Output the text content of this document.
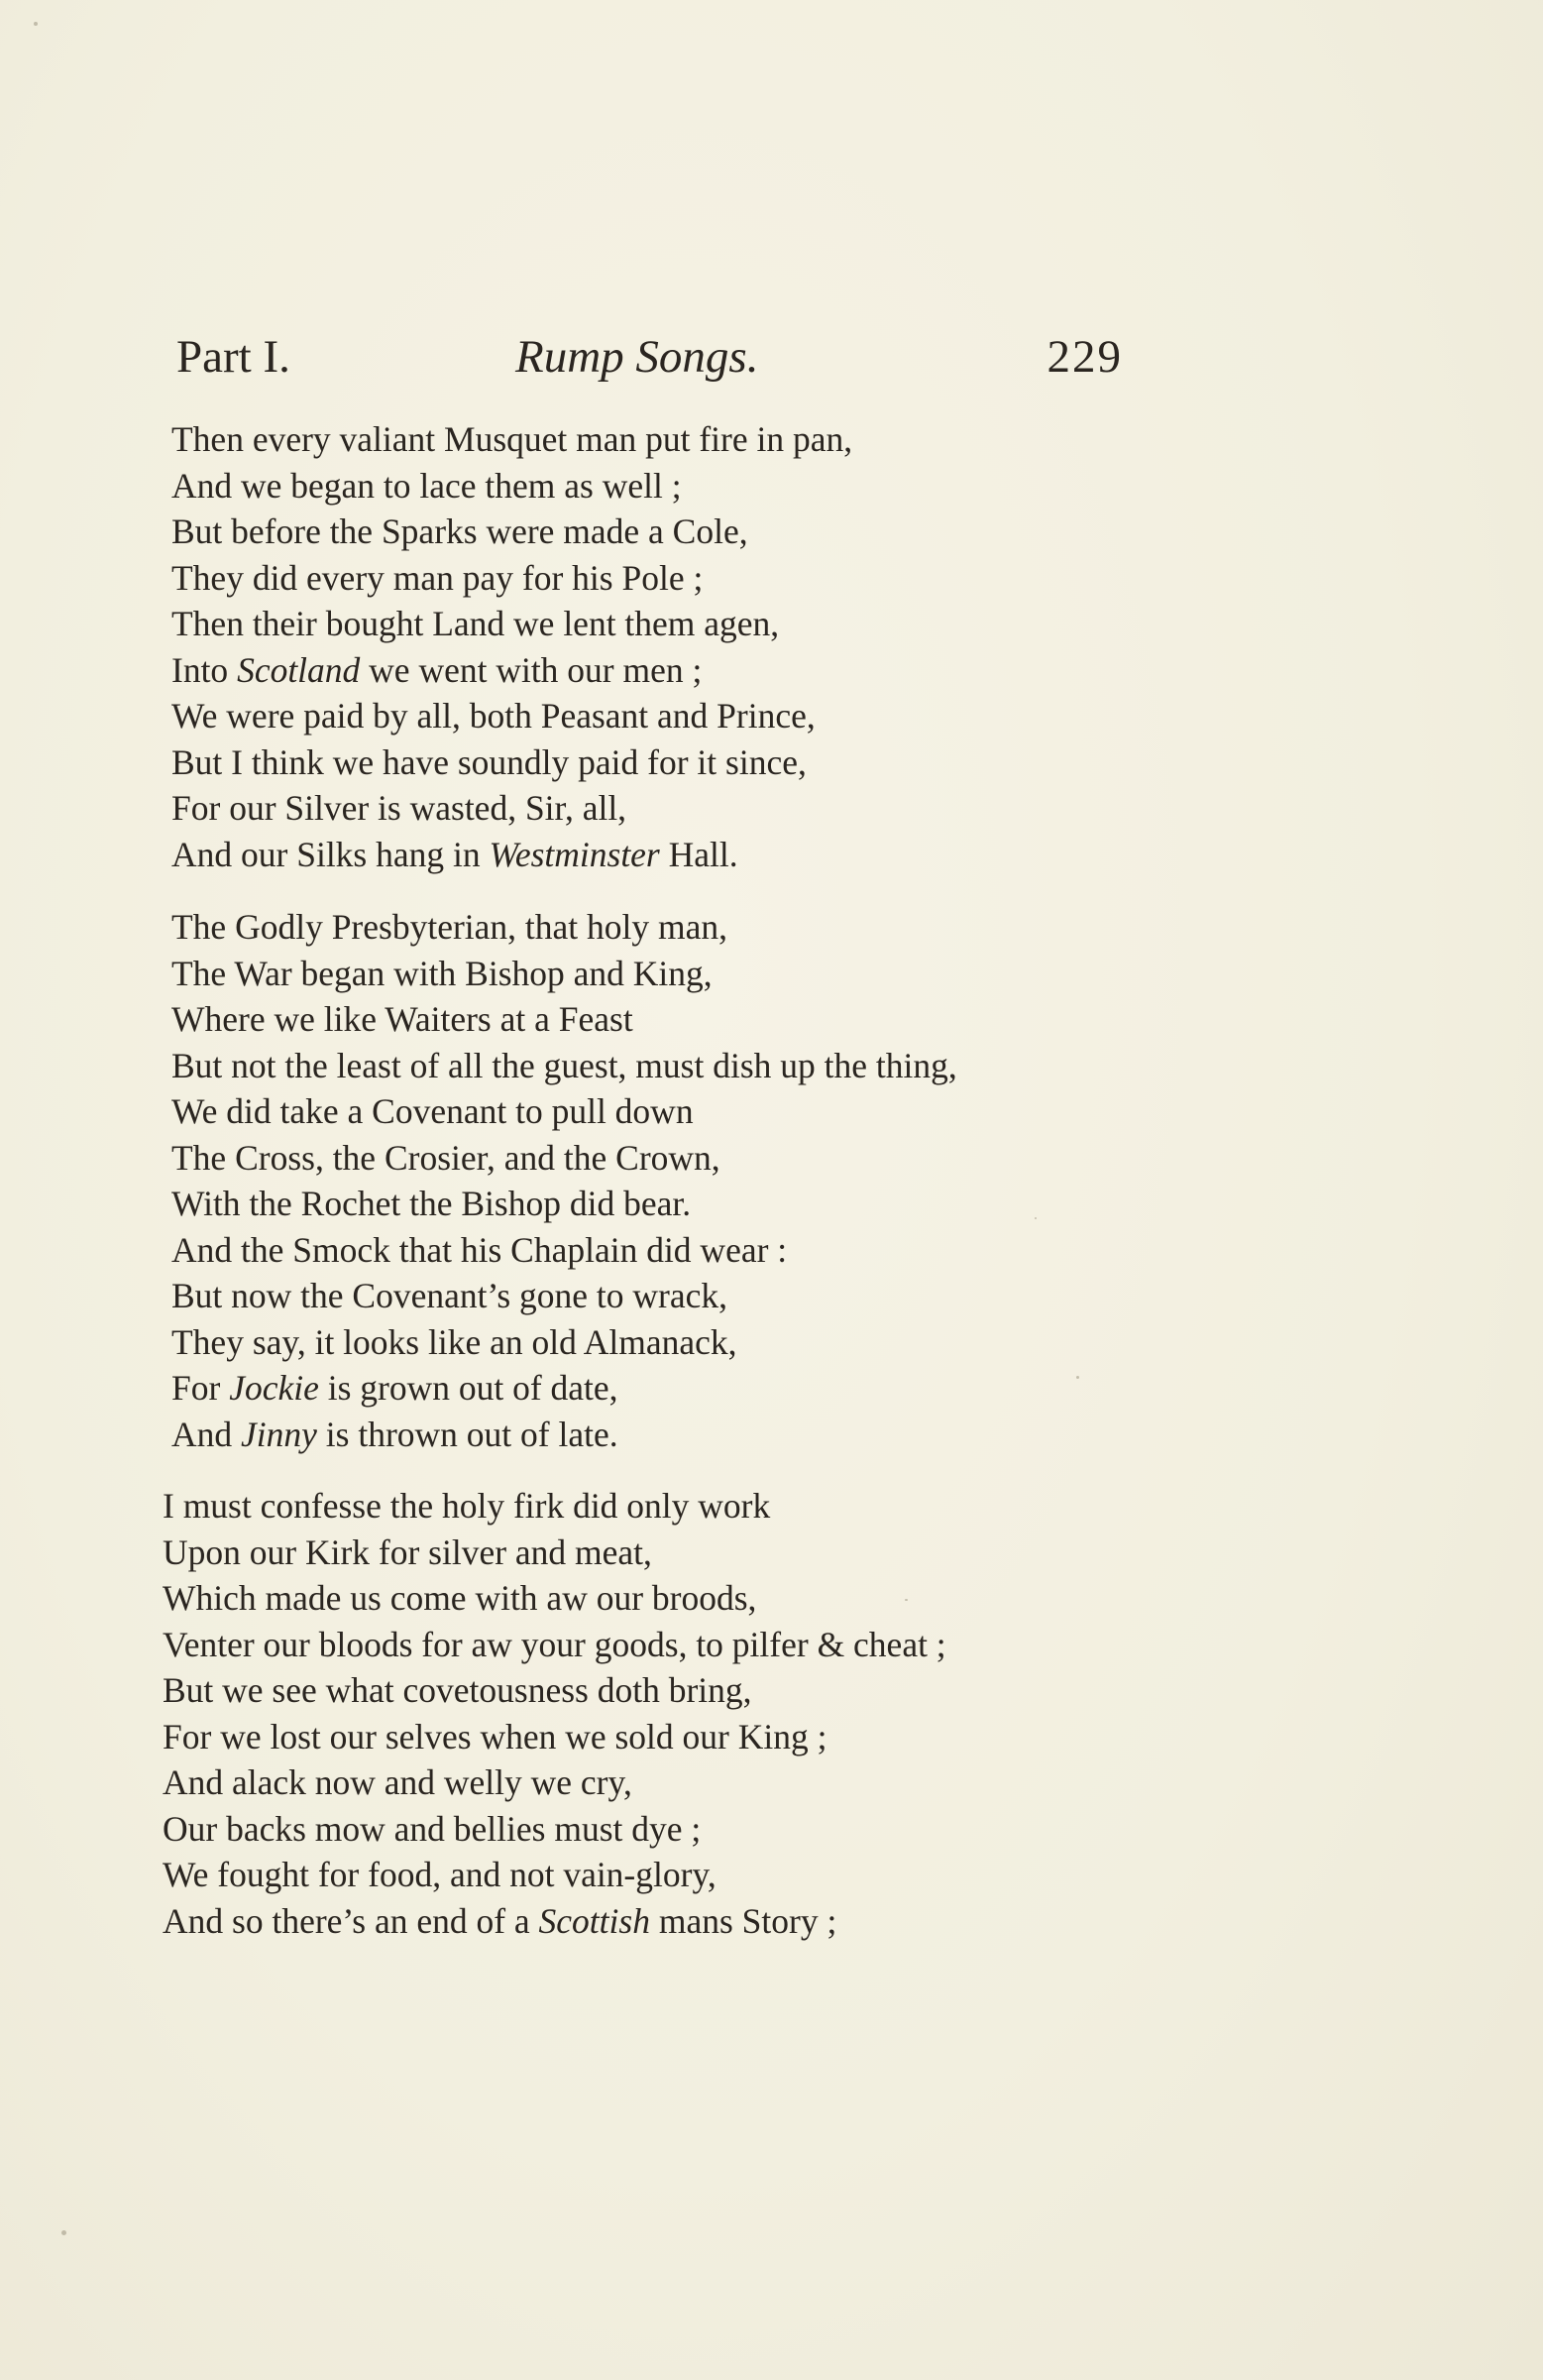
Part I.	Rump Songs.	229
Then every valiant Musquet man put fire in pan,
And we began to lace them as well ;
But before the Sparks were made a Cole,
They did every man pay for his Pole ;
Then their bought Land we lent them agen,
Into Scotland we went with our men ;
We were paid by all, both Peasant and Prince,
But I think we have soundly paid for it since,
For our Silver is wasted, Sir, all,
And our Silks hang in Westminster Hall.
The Godly Presbyterian, that holy man,
The War began with Bishop and King,
Where we like Waiters at a Feast
But not the least of all the guest, must dish up the thing,
We did take a Covenant to pull down
The Cross, the Crosier, and the Crown,
With the Rochet the Bishop did bear.
And the Smock that his Chaplain did wear :
But now the Covenant’s gone to wrack,
They say, it looks like an old Almanack,
For Jockie is grown out of date,
And Jinny is thrown out of late.
I must confesse the holy firk did only work
Upon our Kirk for silver and meat,
Which made us come with aw our broods,
Venter our bloods for aw your goods, to pilfer & cheat ;
But we see what covetousness doth bring,
For we lost our selves when we sold our King ;
And alack now and welly we cry,
Our backs mow and bellies must dye ;
We fought for food, and not vain-glory,
And so there’s an end of a Scottish mans Story ;
